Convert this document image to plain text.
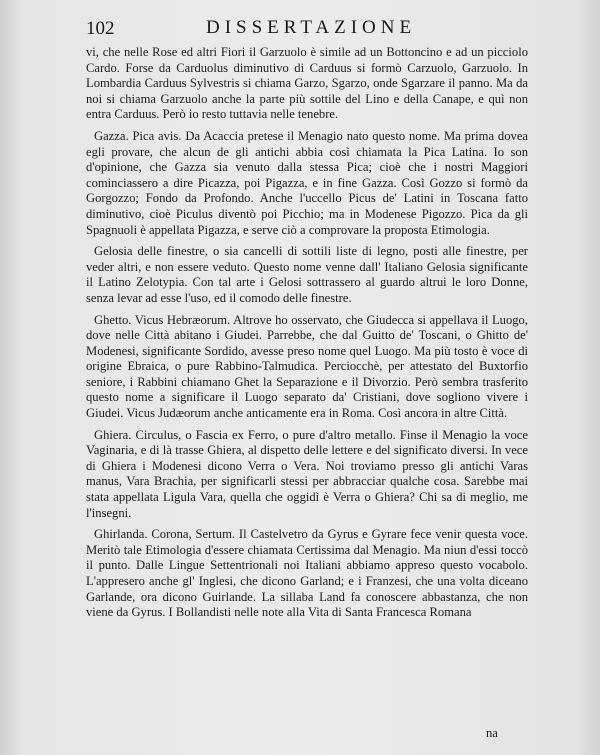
102	DISSERTAZIONE

vi, che nelle Rose ed altri Fiori il Garzuolo è simile ad un Bottoncino e ad un picciolo Cardo. Forse da Carduolus diminutivo di Carduus si formò Carzuolo, Garzuolo. In Lombardia Carduus Sylvestris si chiama Garzo, Sgarzo, onde Sgarzare il panno. Ma da noi si chiama Garzuolo anche la parte più sottile del Lino e della Canape, e quì non entra Carduus. Però io resto tuttavia nelle tenebre.

Gazza. Pica avis. Da Acaccia pretese il Menagio nato questo nome. Ma prima dovea egli provare, che alcun de gli antichi abbia così chiamata la Pica Latina. Io son d'opinione, che Gazza sia venuto dalla stessa Pica; cioè che i nostri Maggiori cominciassero a dire Picazza, poi Pigazza, e in fine Gazza. Così Gozzo si formò da Gorgozzo; Fondo da Profondo. Anche l'uccello Picus de' Latini in Toscana fatto diminutivo, cioè Piculus diventò poi Picchio; ma in Modenese Pigozzo. Pica da gli Spagnuoli è appellata Pigazza, e serve ciò a comprovare la proposta Etimologia.

Gelosia delle finestre, o sia cancelli di sottili liste di legno, posti alle finestre, per veder altri, e non essere veduto. Questo nome venne dall' Italiano Gelosia significante il Latino Zelotypia. Con tal arte i Gelosi sottrassero al guardo altrui le loro Donne, senza levar ad esse l'uso, ed il comodo delle finestre.

Ghetto. Vicus Hebræorum. Altrove ho osservato, che Giudecca si appellava il Luogo, dove nelle Città abitano i Giudei. Parrebbe, che dal Guitto de' Toscani, o Ghitto de' Modenesi, significante Sordido, avesse preso nome quel Luogo. Ma più tosto è voce di origine Ebraica, o pure Rabbino-Talmudica. Perciocchè, per attestato del Buxtorfio seniore, i Rabbini chiamano Ghet la Separazione e il Divorzio. Però sembra trasferito questo nome a significare il Luogo separato da' Cristiani, dove sogliono vivere i Giudei. Vicus Judæorum anche anticamente era in Roma. Così ancora in altre Città.

Ghiera. Circulus, o Fascia ex Ferro, o pure d'altro metallo. Finse il Menagio la voce Vaginaria, e di là trasse Ghiera, al dispetto delle lettere e del significato diversi. In vece di Ghiera i Modenesi dicono Verra o Vera. Noi troviamo presso gli antichi Varas manus, Vara Brachia, per significarli stessi per abbracciar qualche cosa. Sarebbe mai stata appellata Ligula Vara, quella che oggidì è Verra o Ghiera? Chi sa di meglio, me l'insegni.

Ghirlanda. Corona, Sertum. Il Castelvetro da Gyrus e Gyrare fece venir questa voce. Meritò tale Etimologia d'essere chiamata Certissima dal Menagio. Ma niun d'essi toccò il punto. Dalle Lingue Settentrionali noi Italiani abbiamo appreso questo vocabolo. L'appresero anche gl' Inglesi, che dicono Garland; e i Franzesi, che una volta diceano Garlande, ora dicono Guirlande. La sillaba Land fa conoscere abbastanza, che non viene da Gyrus. I Bollandisti nelle note alla Vita di Santa Francesca Romana

na
